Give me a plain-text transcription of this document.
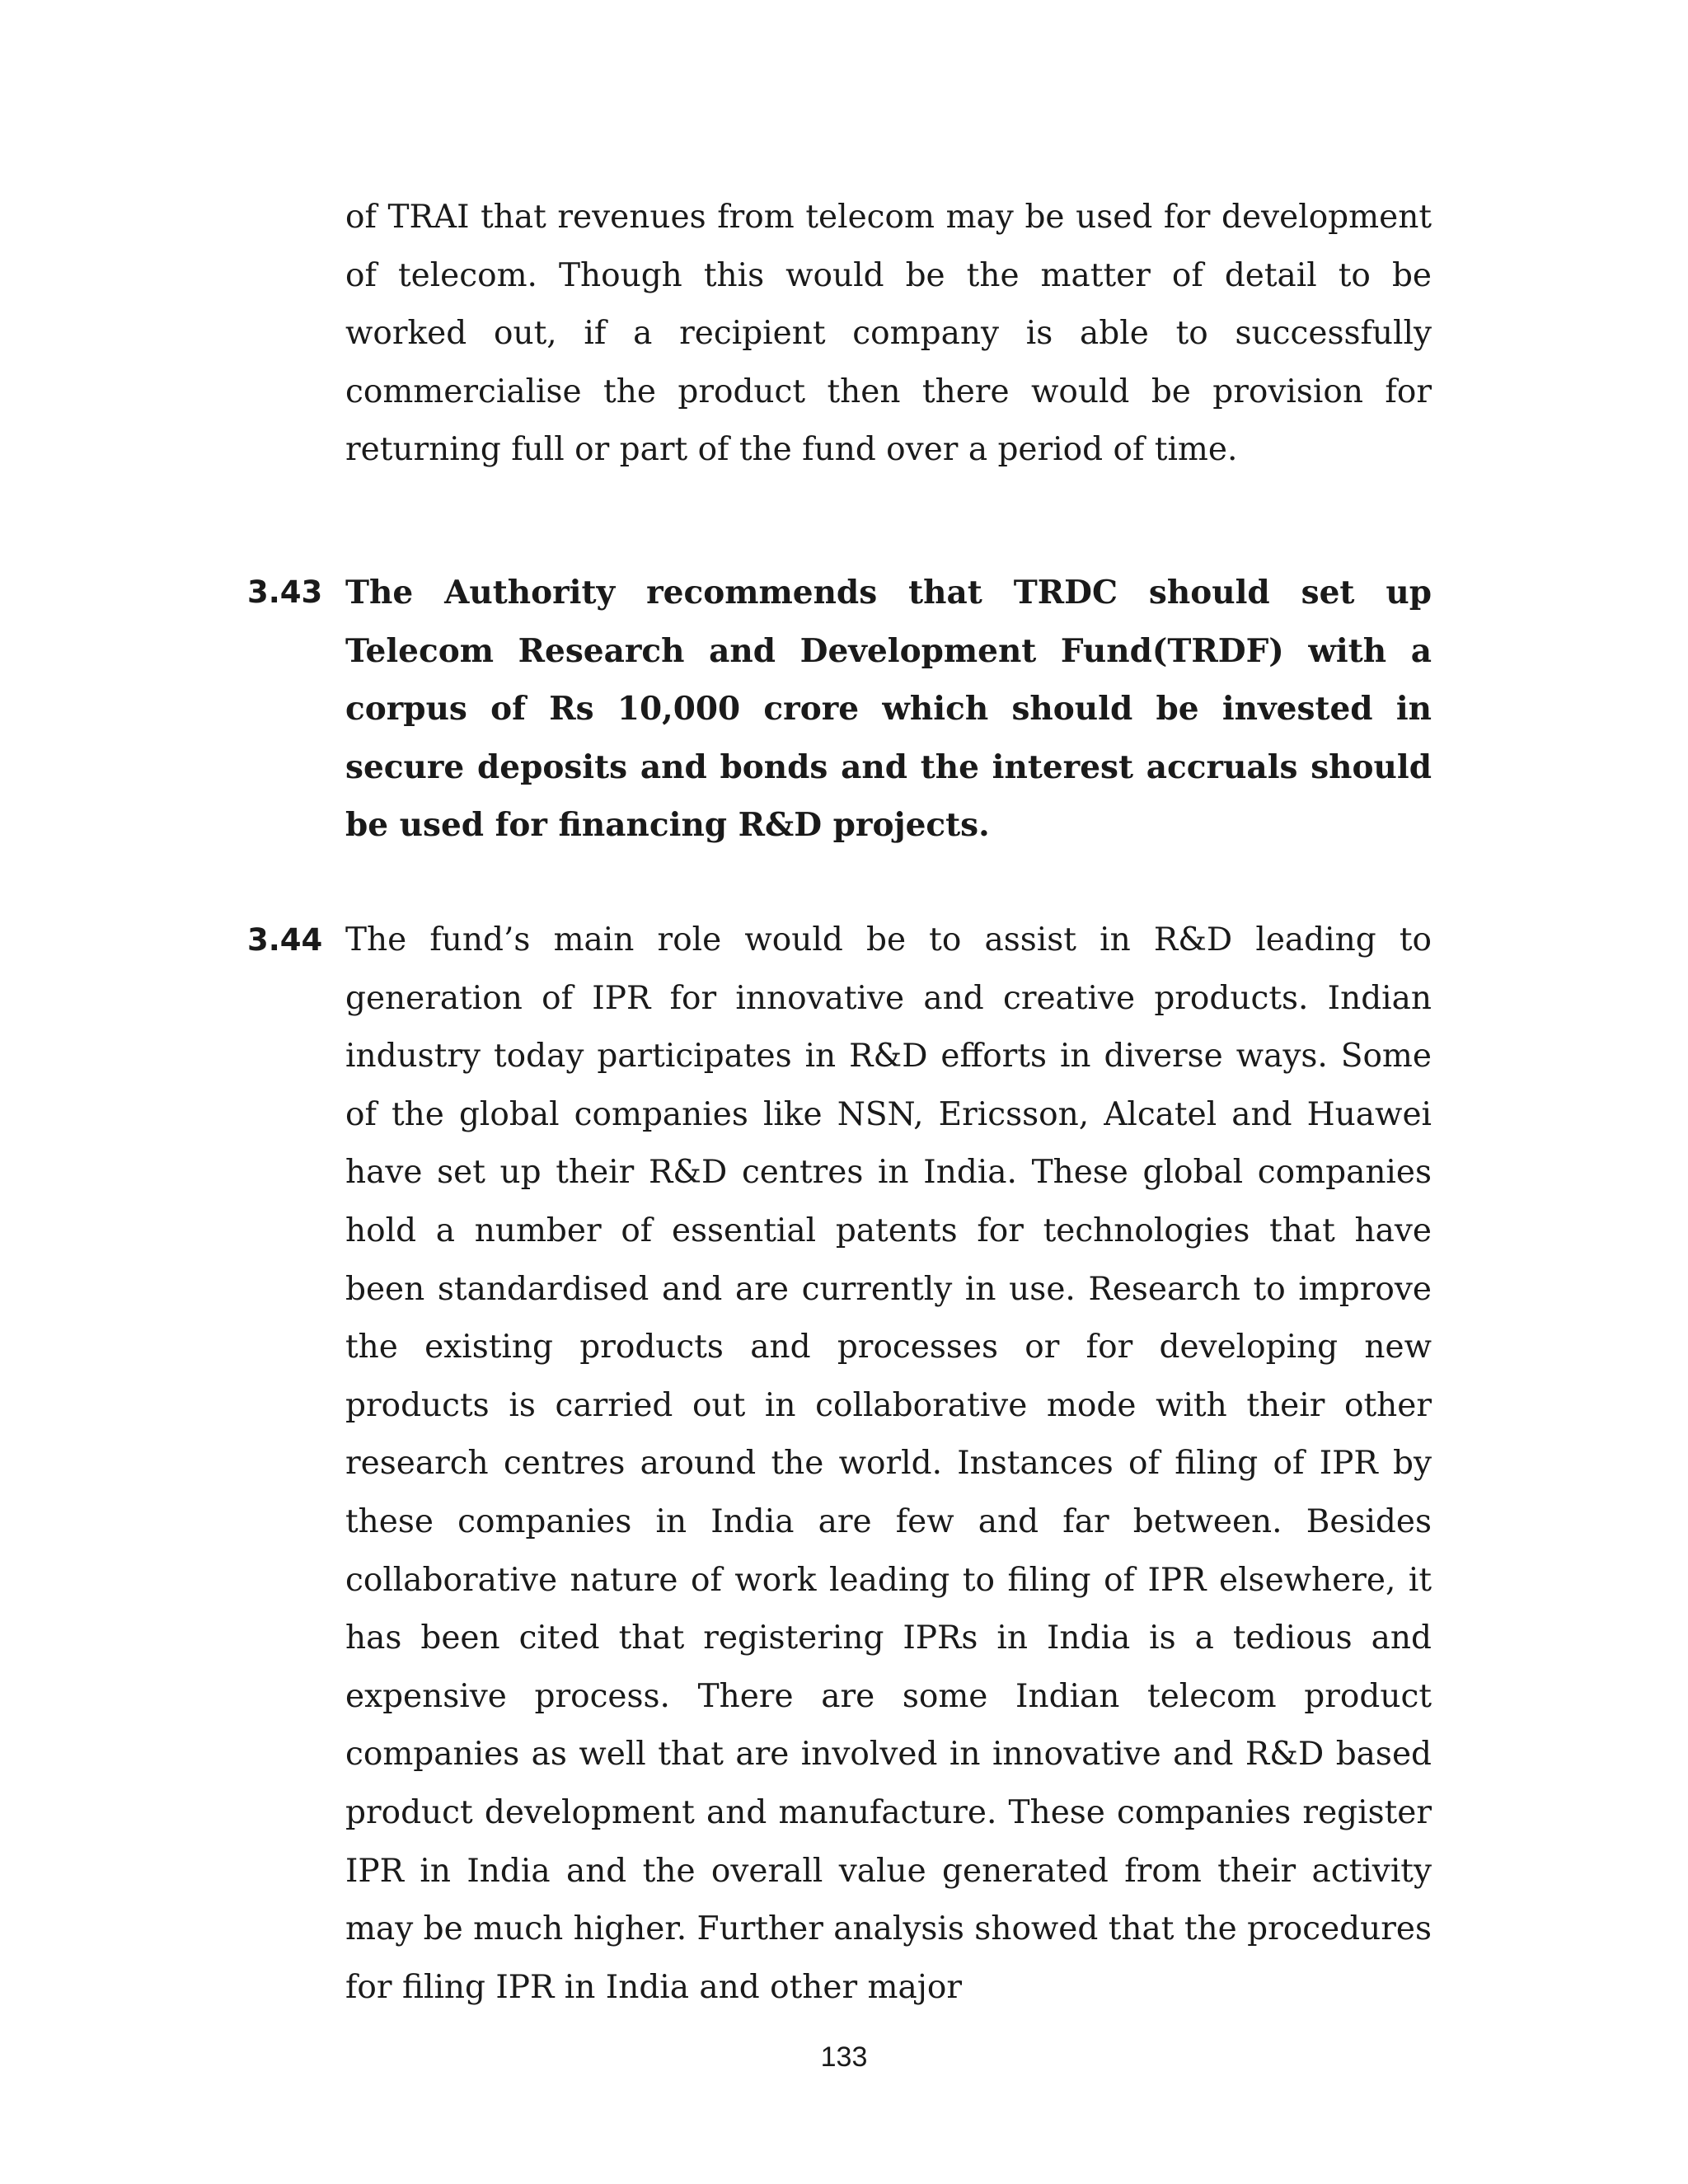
of TRAI that revenues from telecom may be used for development of telecom. Though this would be the matter of detail to be worked out, if a recipient company is able to successfully commercialise the product then there would be provision for returning full or part of the fund over a period of time.

3.43 The Authority recommends that TRDC should set up Telecom Research and Development Fund(TRDF) with a corpus of Rs 10,000 crore which should be invested in secure deposits and bonds and the interest accruals should be used for financing R&D projects.

3.44 The fund’s main role would be to assist in R&D leading to generation of IPR for innovative and creative products. Indian industry today participates in R&D efforts in diverse ways. Some of the global companies like NSN, Ericsson, Alcatel and Huawei have set up their R&D centres in India. These global companies hold a number of essential patents for technologies that have been standardised and are currently in use. Research to improve the existing products and processes or for developing new products is carried out in collaborative mode with their other research centres around the world. Instances of filing of IPR by these companies in India are few and far between. Besides collaborative nature of work leading to filing of IPR elsewhere, it has been cited that registering IPRs in India is a tedious and expensive process. There are some Indian telecom product companies as well that are involved in innovative and R&D based product development and manufacture. These companies register IPR in India and the overall value generated from their activity may be much higher. Further analysis showed that the procedures for filing IPR in India and other major

133
